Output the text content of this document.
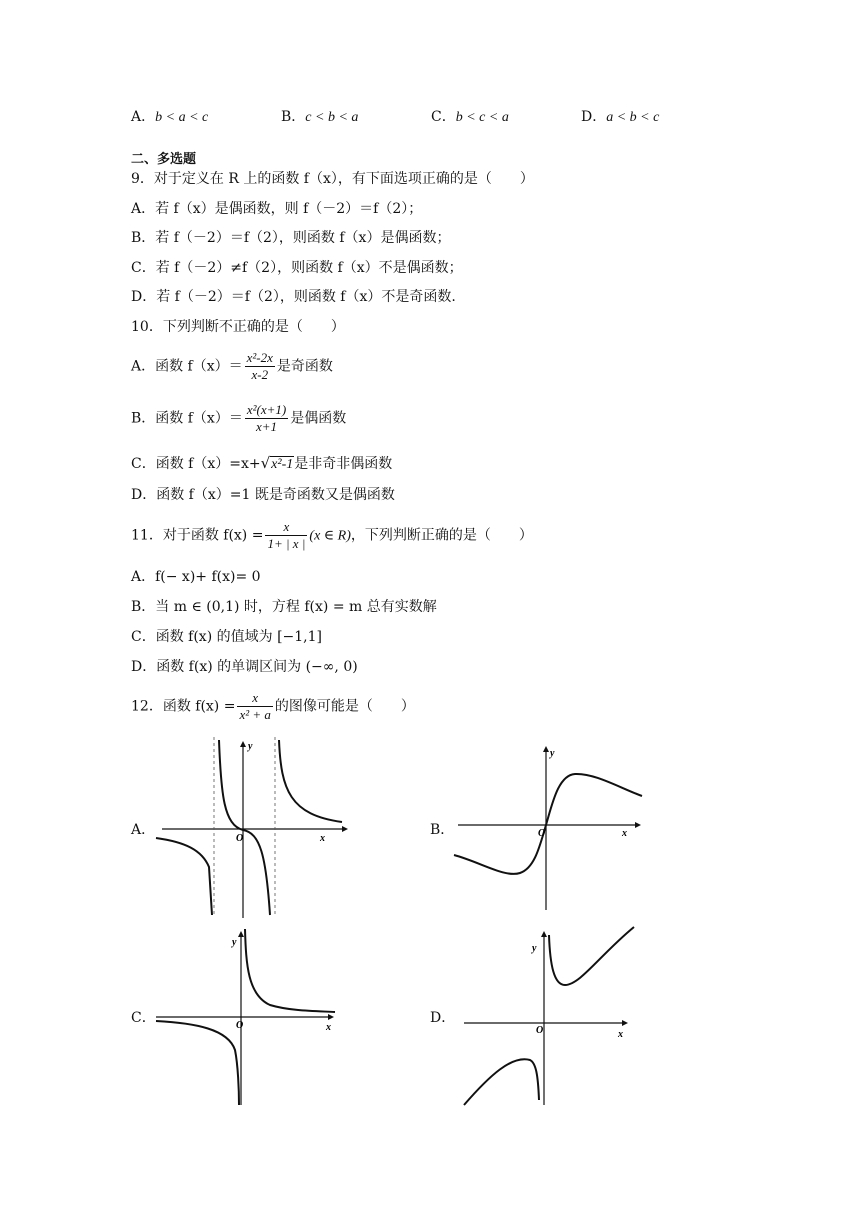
A．b < a < c	B．c < b < a	C．b < c < a	D．a < b < c
二、多选题
9．对于定义在 R 上的函数 f（x），有下面选项正确的是（　　）
A．若 f（x）是偶函数，则 f（－2）＝f（2）；
B．若 f（－2）＝f（2），则函数 f（x）是偶函数；
C．若 f（－2）≠f（2），则函数 f（x）不是偶函数；
D．若 f（－2）＝f（2），则函数 f（x）不是奇函数.
10．下列判断不正确的是（　　）
A．函数 $f(x)= \frac{\text{x²-2x}}{x-2}$ 是奇函数
B．函数 $f(x)= \frac{\text{x²(x+1)}}{x+1}$ 是偶函数
C．函数 f（x）=x+√x²-1是非奇非偶函数
D．函数 f（x）=1 既是奇函数又是偶函数
11．对于函数 $f(x) = \frac{x}{1+ | x |} (x$ ∈ R)，下列判断正确的是（　　）
A．f(− x)+ f(x)= 0
B．当 m ∈ (0,1) 时，方程 f(x) = m 总有实数解
C．函数 f(x) 的值域为 [−1,1]
D．函数 f(x) 的单调区间为 (−∞, 0)
12．函数 $f(x) = \frac{x}{\text{x² + a}}$ 的图像可能是（　　）
A．	B．
C．	D．
y
x
O
y
x
O
y
x
O
y
x
O
